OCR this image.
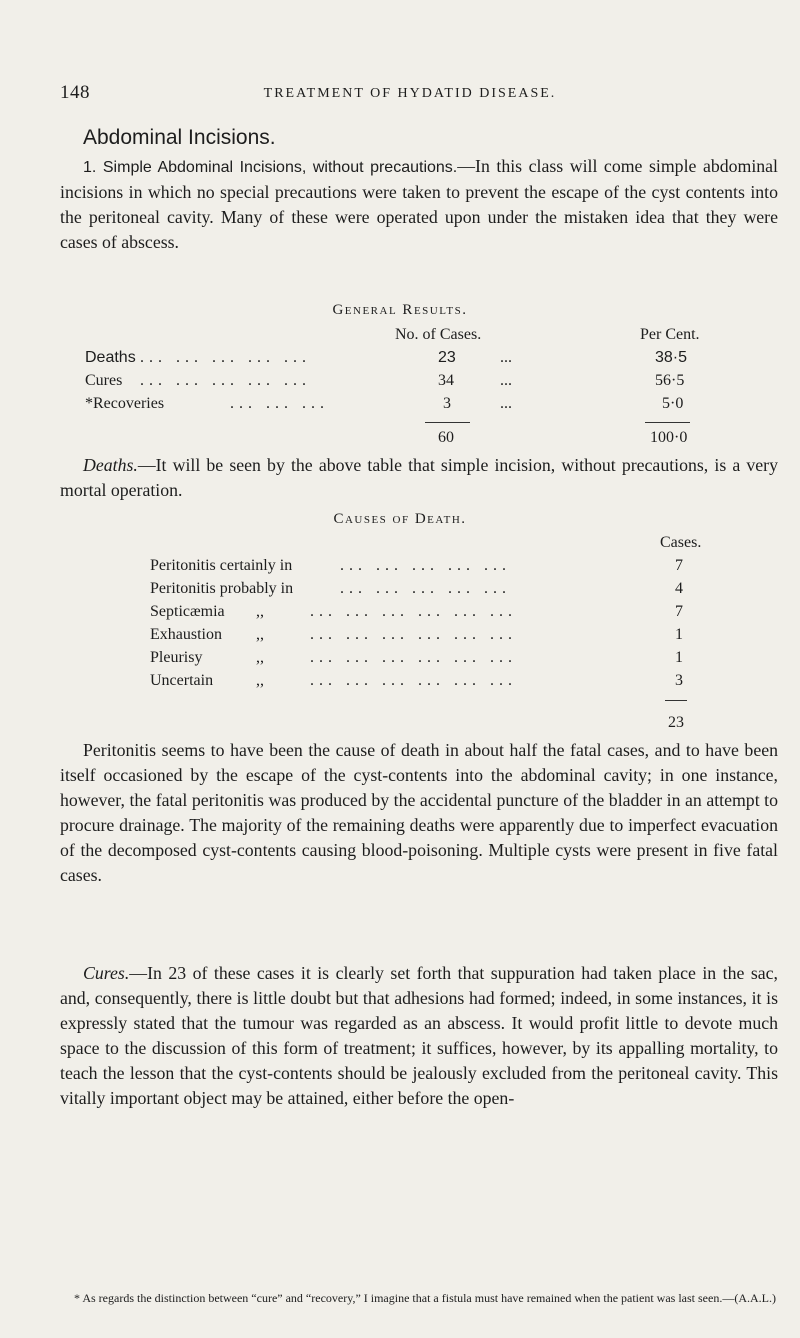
148	TREATMENT OF HYDATID DISEASE.
Abdominal Incisions.

1. Simple Abdominal Incisions, without precautions.—In this class will come simple abdominal incisions in which no special precautions were taken to prevent the escape of the cyst contents into the peritoneal cavity. Many of these were operated upon under the mistaken idea that they were cases of abscess.

General Results.
No. of Cases.	Per Cent.
Deaths ... ... ... ... ...	23	...	38·5
Cures ... ... ... ... ...	34	...	56·5
*Recoveries	... ... ...	3	...	5·0
60	100·0

Deaths.—It will be seen by the above table that simple incision, without precautions, is a very mortal operation.

Causes of Death.
Cases.
Peritonitis certainly in	... ... ... ... ...	7
Peritonitis probably in	... ... ... ... ...	4
Septicæmia ,,	... ... ... ... ... ...	7
Exhaustion ,,	... ... ... ... ... ...	1
Pleurisy	,,	... ... ... ... ... ...	1
Uncertain	,,	... ... ... ... ... ...	3
23

Peritonitis seems to have been the cause of death in about half the fatal cases, and to have been itself occasioned by the escape of the cyst-contents into the abdominal cavity; in one instance, however, the fatal peritonitis was produced by the accidental puncture of the bladder in an attempt to procure drainage. The majority of the remaining deaths were apparently due to imperfect evacuation of the decomposed cyst-contents causing blood-poisoning. Multiple cysts were present in five fatal cases.

Cures.—In 23 of these cases it is clearly set forth that suppuration had taken place in the sac, and, consequently, there is little doubt but that adhesions had formed; indeed, in some instances, it is expressly stated that the tumour was regarded as an abscess. It would profit little to devote much space to the discussion of this form of treatment; it suffices, however, by its appalling mortality, to teach the lesson that the cyst-contents should be jealously excluded from the peritoneal cavity. This vitally important object may be attained, either before the open-

* As regards the distinction between “cure” and “recovery,” I imagine that a fistula must have remained when the patient was last seen.—(A.A.L.)
